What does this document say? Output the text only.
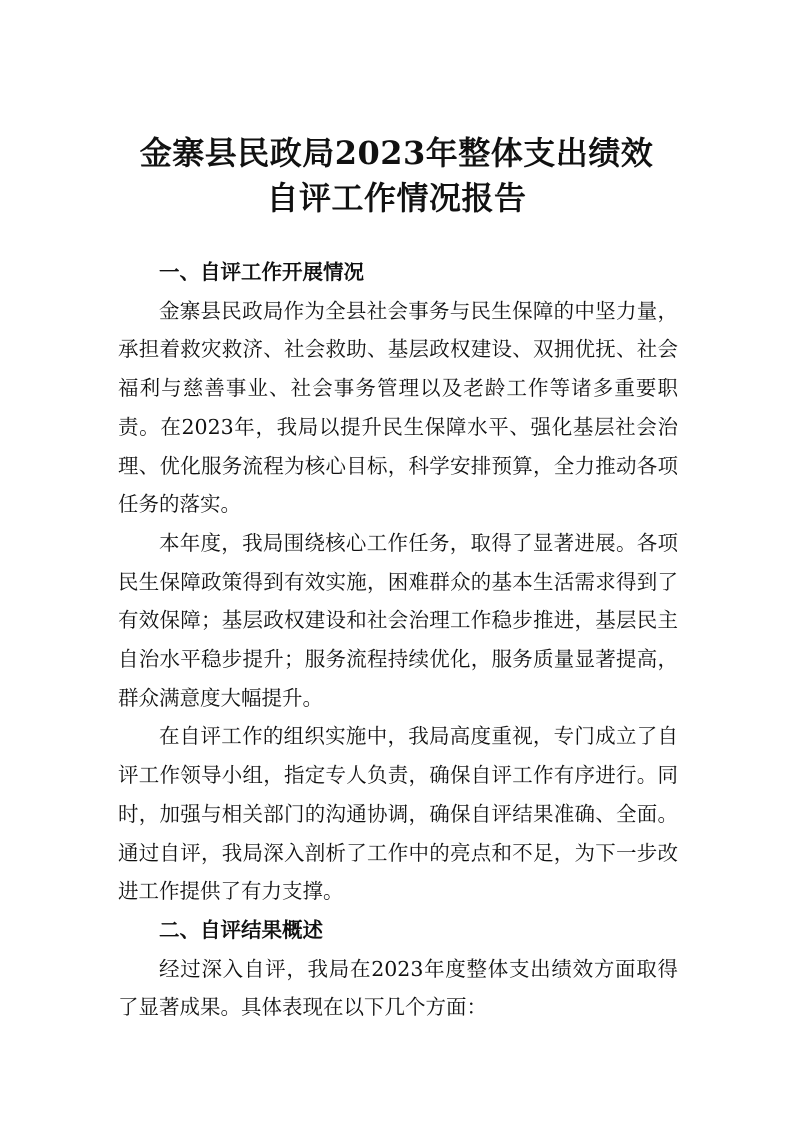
金寨县民政局2023年整体支出绩效
自评工作情况报告
一、自评工作开展情况

金寨县民政局作为全县社会事务与民生保障的中坚力量，承担着救灾救济、社会救助、基层政权建设、双拥优抚、社会福利与慈善事业、社会事务管理以及老龄工作等诸多重要职责。在2023年，我局以提升民生保障水平、强化基层社会治理、优化服务流程为核心目标，科学安排预算，全力推动各项任务的落实。

本年度，我局围绕核心工作任务，取得了显著进展。各项民生保障政策得到有效实施，困难群众的基本生活需求得到了有效保障；基层政权建设和社会治理工作稳步推进，基层民主自治水平稳步提升；服务流程持续优化，服务质量显著提高，群众满意度大幅提升。

在自评工作的组织实施中，我局高度重视，专门成立了自评工作领导小组，指定专人负责，确保自评工作有序进行。同时，加强与相关部门的沟通协调，确保自评结果准确、全面。通过自评，我局深入剖析了工作中的亮点和不足，为下一步改进工作提供了有力支撑。

二、自评结果概述

经过深入自评，我局在2023年度整体支出绩效方面取得了显著成果。具体表现在以下几个方面：
